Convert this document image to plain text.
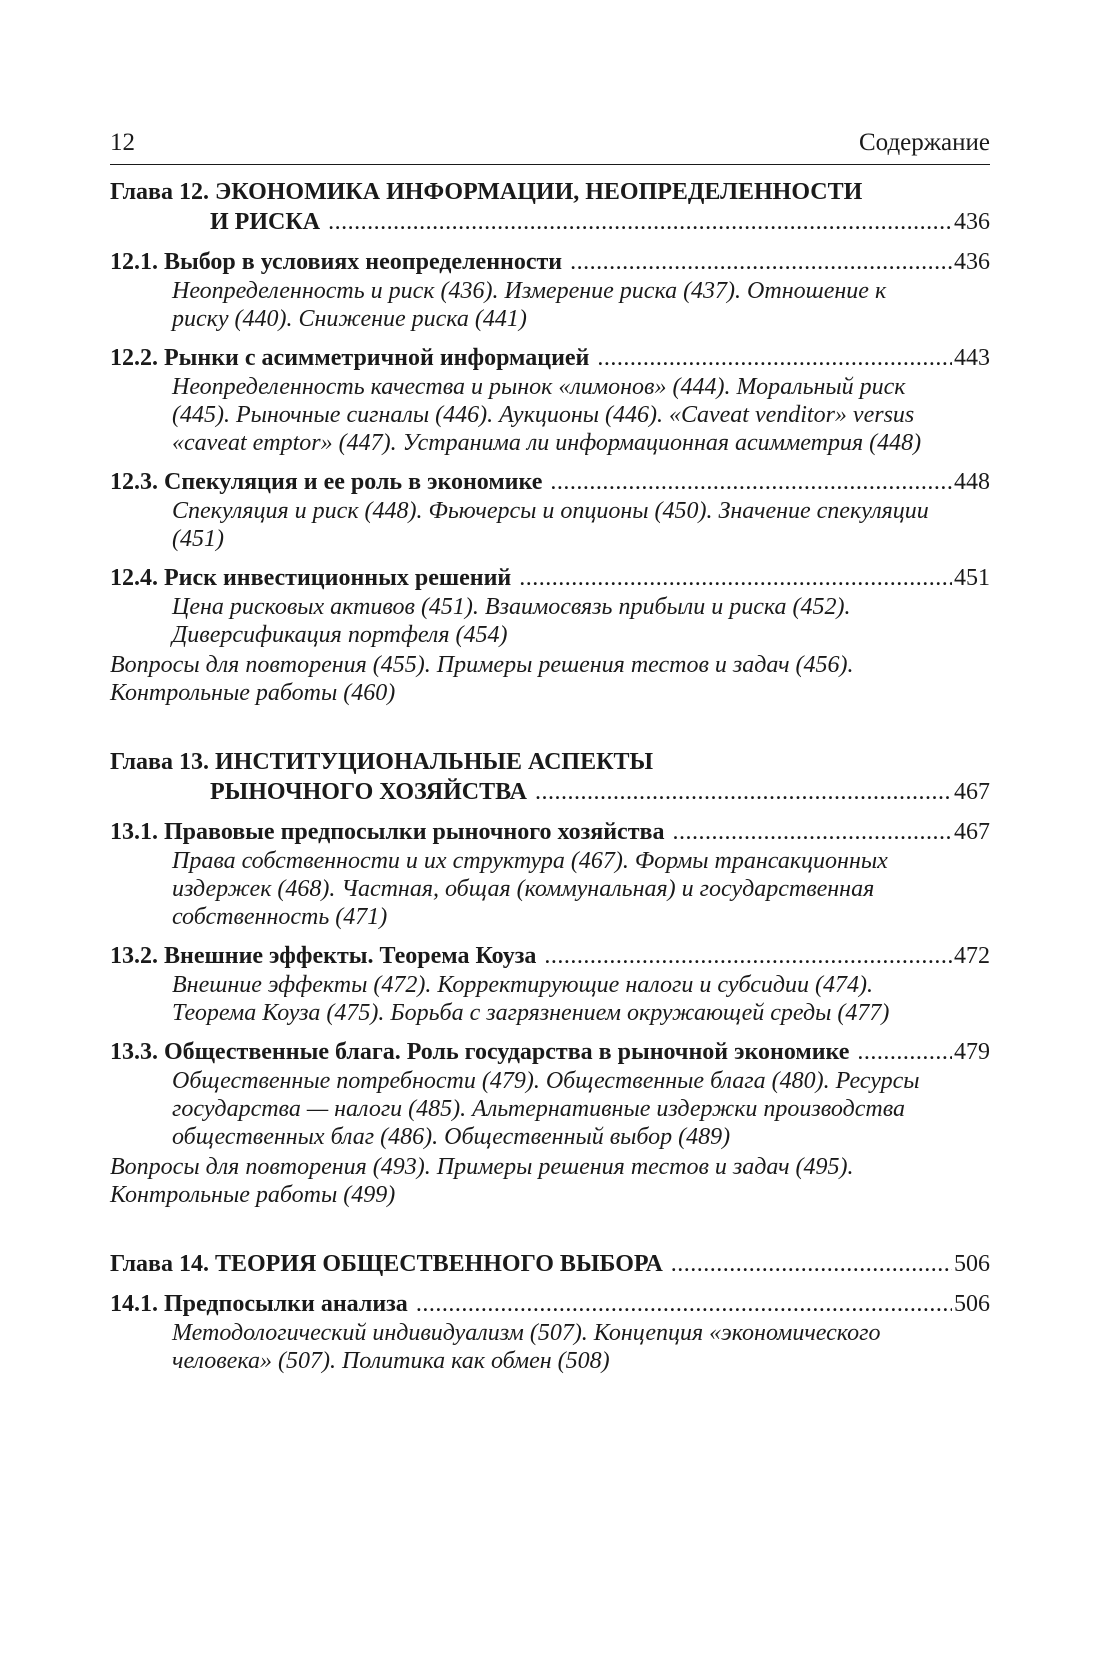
12	Содержание
Глава 12. ЭКОНОМИКА ИНФОРМАЦИИ, НЕОПРЕДЕЛЕННОСТИ
И РИСКА .....	436
12.1. Выбор в условиях неопределенности .....	436
Неопределенность и риск (436). Измерение риска (437). Отношение к риску (440). Снижение риска (441)
12.2. Рынки с асимметричной информацией .....	443
Неопределенность качества и рынок «лимонов» (444). Моральный риск (445). Рыночные сигналы (446). Аукционы (446). «Caveat venditor» versus «caveat emptor» (447). Устранима ли информационная асимметрия (448)
12.3. Спекуляция и ее роль в экономике .....	448
Спекуляция и риск (448). Фьючерсы и опционы (450). Значение спекуляции (451)
12.4. Риск инвестиционных решений .....	451
Цена рисковых активов (451). Взаимосвязь прибыли и риска (452). Диверсификация портфеля (454)
Вопросы для повторения (455). Примеры решения тестов и задач (456). Контрольные работы (460)
Глава 13. ИНСТИТУЦИОНАЛЬНЫЕ АСПЕКТЫ
РЫНОЧНОГО ХОЗЯЙСТВА .....	467
13.1. Правовые предпосылки рыночного хозяйства .....	467
Права собственности и их структура (467). Формы трансакционных издержек (468). Частная, общая (коммунальная) и государственная собственность (471)
13.2. Внешние эффекты. Теорема Коуза .....	472
Внешние эффекты (472). Корректирующие налоги и субсидии (474). Теорема Коуза (475). Борьба с загрязнением окружающей среды (477)
13.3. Общественные блага. Роль государства в рыночной экономике .....	479
Общественные потребности (479). Общественные блага (480). Ресурсы государства — налоги (485). Альтернативные издержки производства общественных благ (486). Общественный выбор (489)
Вопросы для повторения (493). Примеры решения тестов и задач (495). Контрольные работы (499)
Глава 14. ТЕОРИЯ ОБЩЕСТВЕННОГО ВЫБОРА .....	506
14.1. Предпосылки анализа .....	506
Методологический индивидуализм (507). Концепция «экономического человека» (507). Политика как обмен (508)
